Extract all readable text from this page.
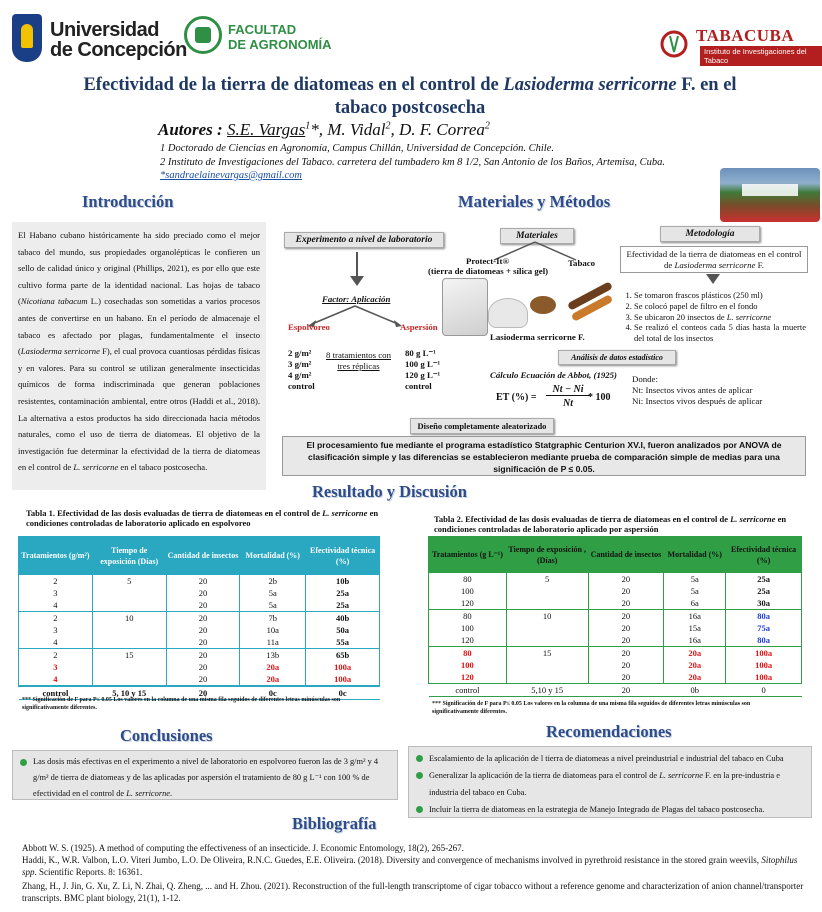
Universidad
de Concepción
FACULTAD
DE AGRONOMÍA	TABACUBA
Instituto de Investigaciones del Tabaco
Efectividad de la tierra de diatomeas en el control de Lasioderma serricorne F. en el tabaco postcosecha
Autores : S.E. Vargas$^1$*, M. Vidal$^2$, D. F. Correa$^2$
1 Doctorado de Ciencias en Agronomía, Campus Chillán, Universidad de Concepción. Chile.
2 Instituto de Investigaciones del Tabaco. carretera del tumbadero km 8 1/2, San Antonio de los Baños, Artemisa, Cuba.
*sandraelainevargas@gmail.com
Introducción	Materiales y Métodos
El Habano cubano históricamente ha sido preciado como el mejor tabaco del mundo, sus propiedades organolépticas le confieren un sello de calidad único y original (Phillips, 2021), es por ello que este cultivo forma parte de la identidad nacional. Las hojas de tabaco (Nicotiana tabacum L.) cosechadas son sometidas a varios procesos antes de convertirse en un habano. En el período de almacenaje el tabaco es afectado por plagas, fundamentalmente el insecto (Lasioderma serricorne F), el cual provoca cuantiosas pérdidas físicas y en valores. Para su control se utilizan generalmente insecticidas químicos de forma indiscriminada que generan poblaciones resistentes, contaminación ambiental, entre otros (Haddi et al., 2018). La alternativa a estos productos ha sido direccionada hacia métodos naturales, como el uso de tierra de diatomeas. El objetivo de la investigación fue determinar la efectividad de la tierra de diatomeas en el control de L. serricorne en el tabaco postcosecha.
Experimento a nivel de laboratorio
Factor: Aplicación
Espolvoreo	Aspersión
2 g/m²
3 g/m²
4 g/m²
control
8 tratamientos con
tres réplicas
80 g L⁻¹
100 g L⁻¹
120 g L⁻¹
control
Materiales
Protect-It®
(tierra de diatomeas + sílica gel)
Tabaco
Lasioderma serricorne F.
Metodología
Efectividad de la tierra de diatomeas en el control de Lasioderma serricorne F.
1. Se tomaron frascos plásticos (250 ml)
2. Se colocó papel de filtro en el fondo
3. Se ubicaron 20 insectos de L. serricorne
4. Se realizó el conteos cada 5 días hasta la muerte del total de los insectos
Análisis de datos estadístico
Cálculo Ecuación de Abbot, (1925)
ET (%) =
Nt − Ni
Nt
* 100
Donde:
Nt: Insectos vivos antes de aplicar
Ni: Insectos vivos después de aplicar
Diseño completamente aleatorizado
El procesamiento fue mediante el programa estadístico Statgraphic Centurion XV.I, fueron analizados por ANOVA de clasificación simple y las diferencias se establecieron mediante prueba de comparación simple de medias para una significación de P ≤ 0.05.
Resultado y Discusión
Tabla 1. Efectividad de las dosis evaluadas de tierra de diatomeas en el control de L. serricorne en condiciones controladas de laboratorio aplicado en espolvoreo
Tratamientos (g/m²)	Tiempo de exposición (Días)	Cantidad de insectos	Mortalidad (%)	Efectividad técnica (%)
2	5	20	2b	10b
3		20	5a	25a
4		20	5a	25a
2	10	20	7b	40b
3		20	10a	50a
4		20	11a	55a
2	15	20	13b	65b
3		20	20a	100a
4		20	20a	100a
control	5, 10 y 15	20	0c	0c
*** Significación de F para P≤ 0.05 Los valores en la columna de una misma fila seguidos de diferentes letras minúsculas son significativamente diferentes.
Tabla 2. Efectividad de las dosis evaluadas de tierra de diatomeas en el control de L. serricorne en condiciones controladas de laboratorio aplicado por aspersión
Tratamientos (g L⁻¹)	Tiempo de exposición , (Días)	Cantidad de insectos	Mortalidad (%)	Efectividad técnica (%)
80	5	20	5a	25a
100		20	5a	25a
120		20	6a	30a
80	10	20	16a	80a
100		20	15a	75a
120		20	16a	80a
80	15	20	20a	100a
100		20	20a	100a
120		20	20a	100a
control	5,10 y 15	20	0b	0
*** Significación de F para P≤ 0.05 Los valores en la columna de una misma fila seguidos de diferentes letras minúsculas son significativamente diferentes.
Conclusiones	Recomendaciones
Las dosis más efectivas en el experimento a nivel de laboratorio en espolvoreo fueron las de 3 g/m² y 4 g/m² de tierra de diatomeas y de las aplicadas por aspersión el tratamiento de 80 g L⁻¹ con 100 % de efectividad en el control de L. serricorne.
Escalamiento de la aplicación de l tierra de diatomeas a nivel preindustrial e industrial del tabaco en Cuba
Generalizar la aplicación de la tierra de diatomeas para el control de L. serricorne F. en la pre-industria e industria del tabaco en Cuba.
Incluir la tierra de diatomeas en la estrategia de Manejo Integrado de Plagas del tabaco postcosecha.
Bibliografía
Abbott W. S. (1925). A method of computing the effectiveness of an insecticide. J. Economic Entomology, 18(2), 265-267.
Haddi, K., W.R. Valbon, L.O. Viteri Jumbo, L.O. De Oliveira, R.N.C. Guedes, E.E. Oliveira. (2018). Diversity and convergence of mechanisms involved in pyrethroid resistance in the stored grain weevils, Sitophilus spp. Scientific Reports. 8: 16361.
Zhang, H., J. Jin, G. Xu, Z. Li, N. Zhai, Q. Zheng, ... and H. Zhou. (2021). Reconstruction of the full-length transcriptome of cigar tobacco without a reference genome and characterization of anion channel/transporter transcripts. BMC plant biology, 21(1), 1-12.
